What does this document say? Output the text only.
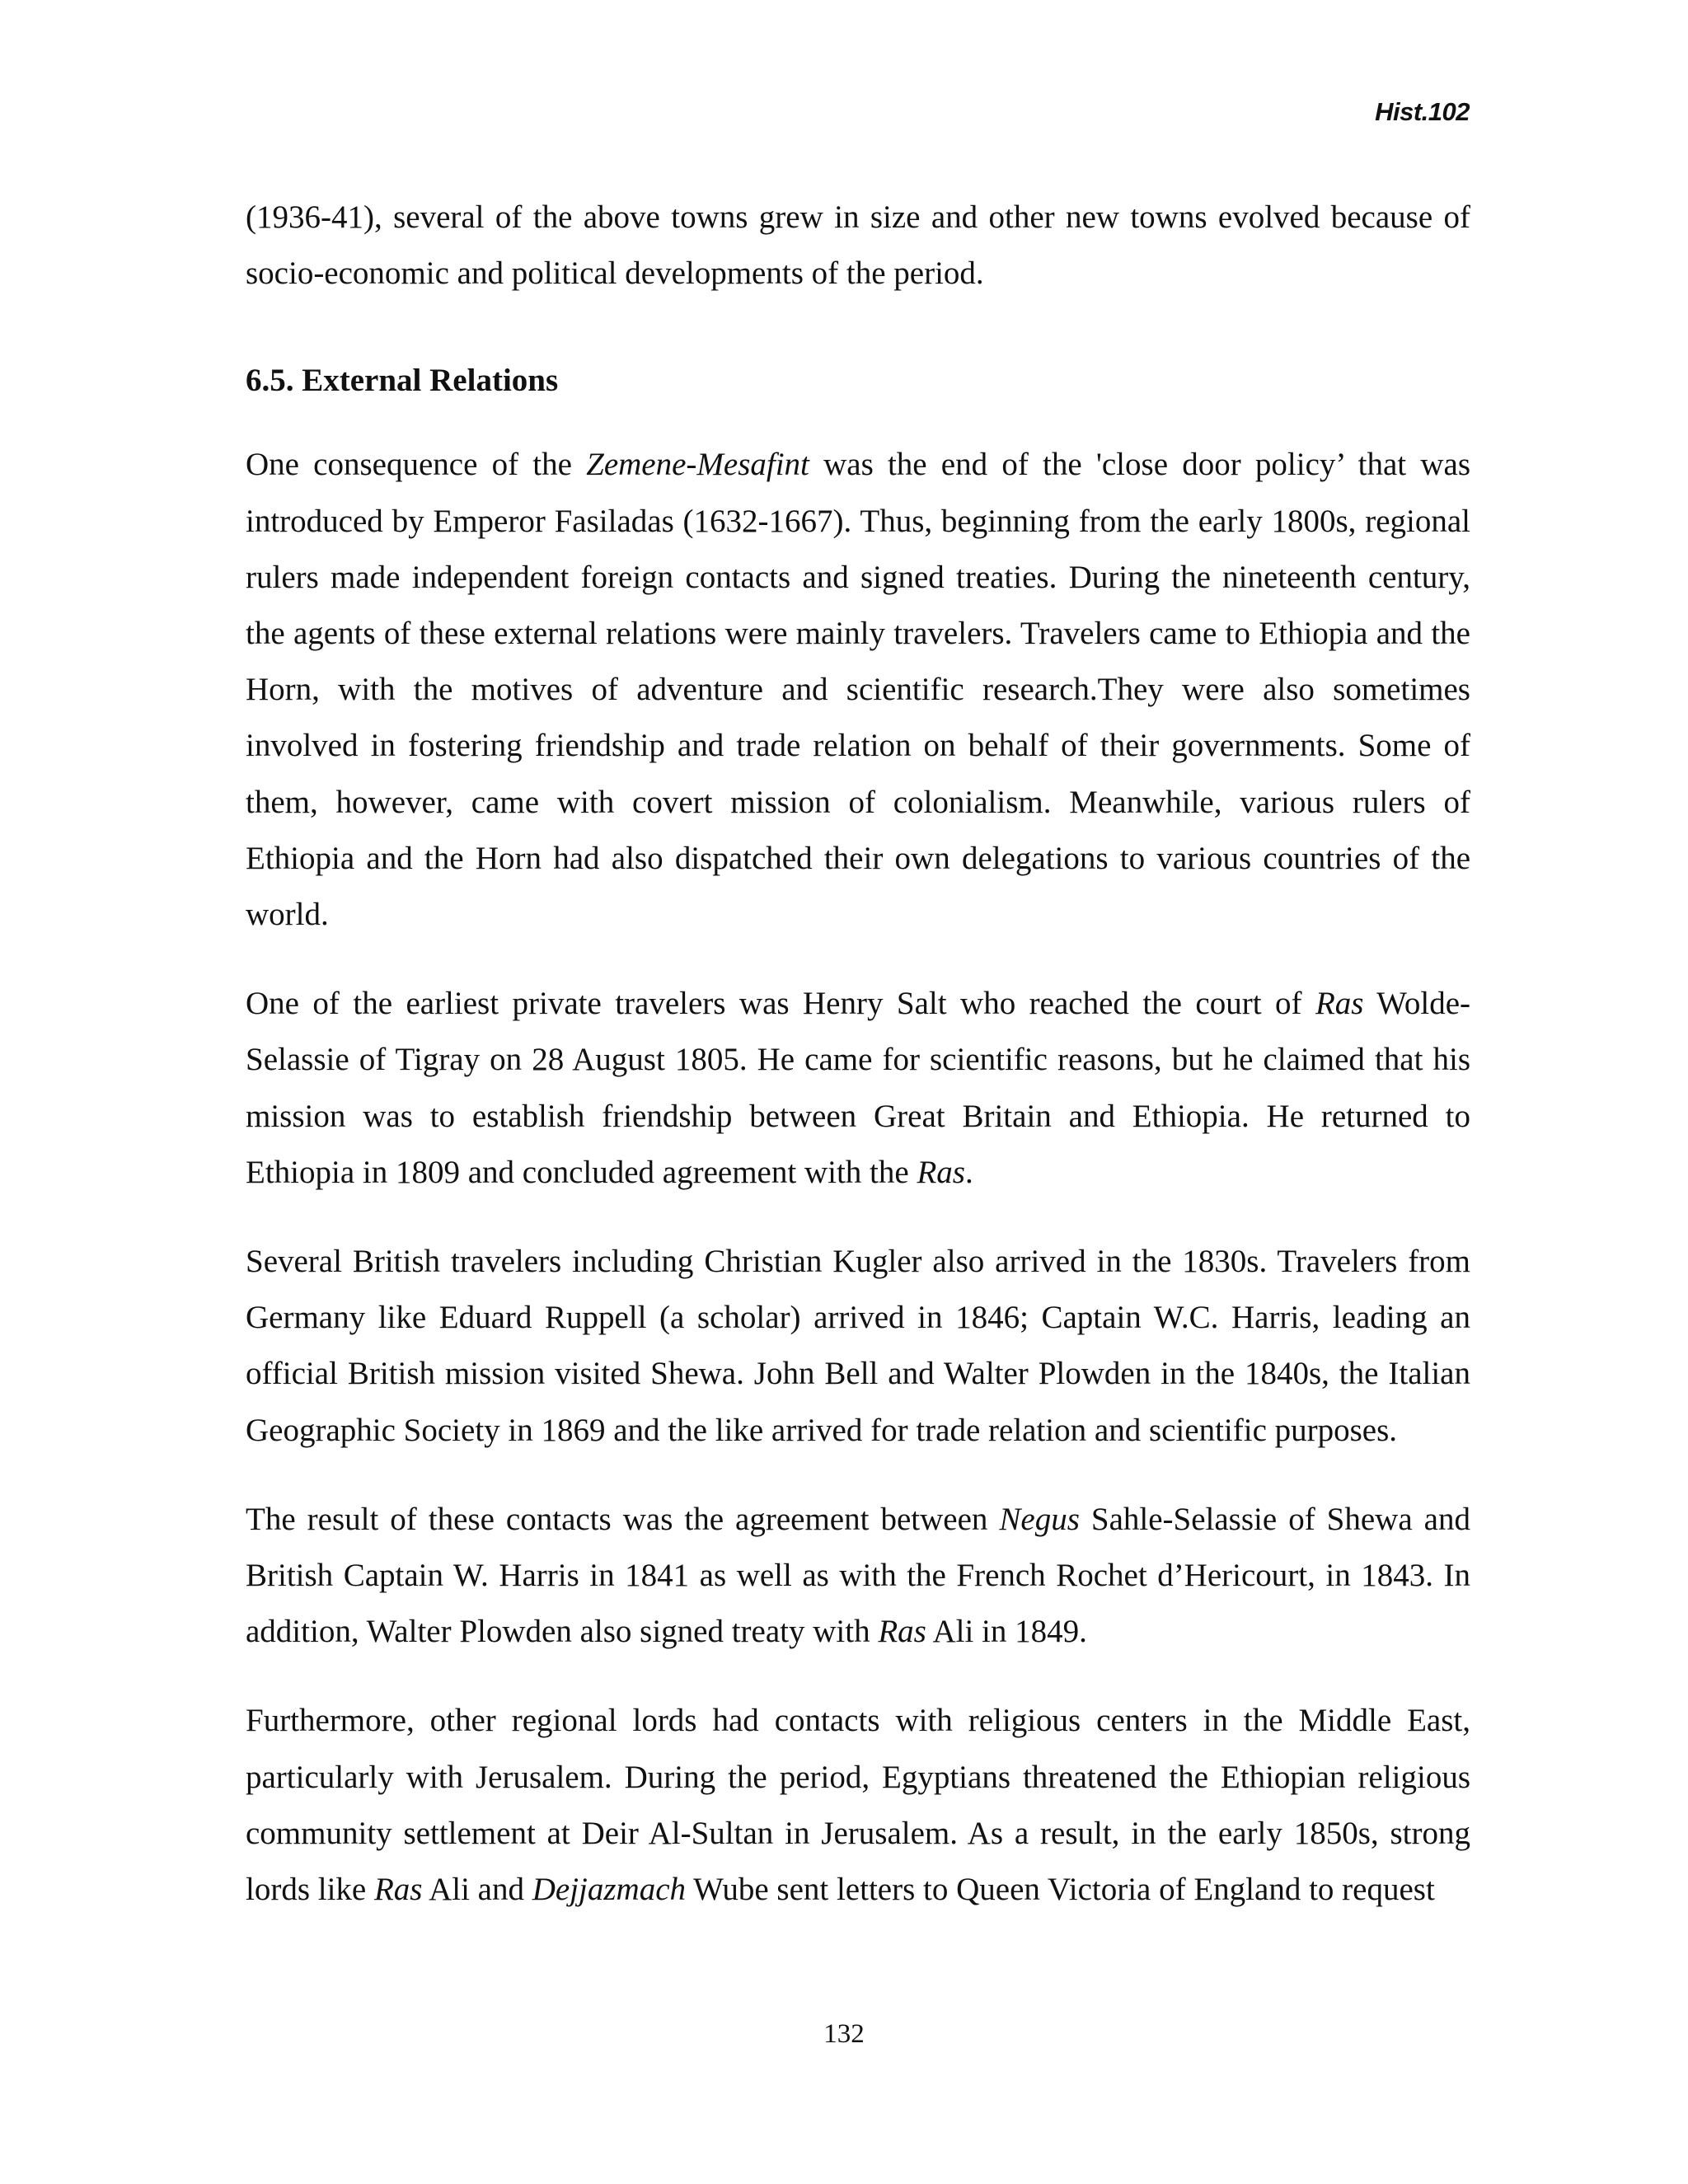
Hist.102

(1936-41), several of the above towns grew in size and other new towns evolved because of socio-economic and political developments of the period.

6.5. External Relations

One consequence of the Zemene-Mesafint was the end of the 'close door policy’ that was introduced by Emperor Fasiladas (1632-1667). Thus, beginning from the early 1800s, regional rulers made independent foreign contacts and signed treaties. During the nineteenth century, the agents of these external relations were mainly travelers. Travelers came to Ethiopia and the Horn, with the motives of adventure and scientific research.They were also sometimes involved in fostering friendship and trade relation on behalf of their governments. Some of them, however, came with covert mission of colonialism. Meanwhile, various rulers of Ethiopia and the Horn had also dispatched their own delegations to various countries of the world.

One of the earliest private travelers was Henry Salt who reached the court of Ras Wolde-Selassie of Tigray on 28 August 1805. He came for scientific reasons, but he claimed that his mission was to establish friendship between Great Britain and Ethiopia. He returned to Ethiopia in 1809 and concluded agreement with the Ras.

Several British travelers including Christian Kugler also arrived in the 1830s. Travelers from Germany like Eduard Ruppell (a scholar) arrived in 1846; Captain W.C. Harris, leading an official British mission visited Shewa. John Bell and Walter Plowden in the 1840s, the Italian Geographic Society in 1869 and the like arrived for trade relation and scientific purposes.

The result of these contacts was the agreement between Negus Sahle-Selassie of Shewa and British Captain W. Harris in 1841 as well as with the French Rochet d’Hericourt, in 1843. In addition, Walter Plowden also signed treaty with Ras Ali in 1849.

Furthermore, other regional lords had contacts with religious centers in the Middle East, particularly with Jerusalem. During the period, Egyptians threatened the Ethiopian religious community settlement at Deir Al-Sultan in Jerusalem. As a result, in the early 1850s, strong lords like Ras Ali and Dejjazmach Wube sent letters to Queen Victoria of England to request

132
